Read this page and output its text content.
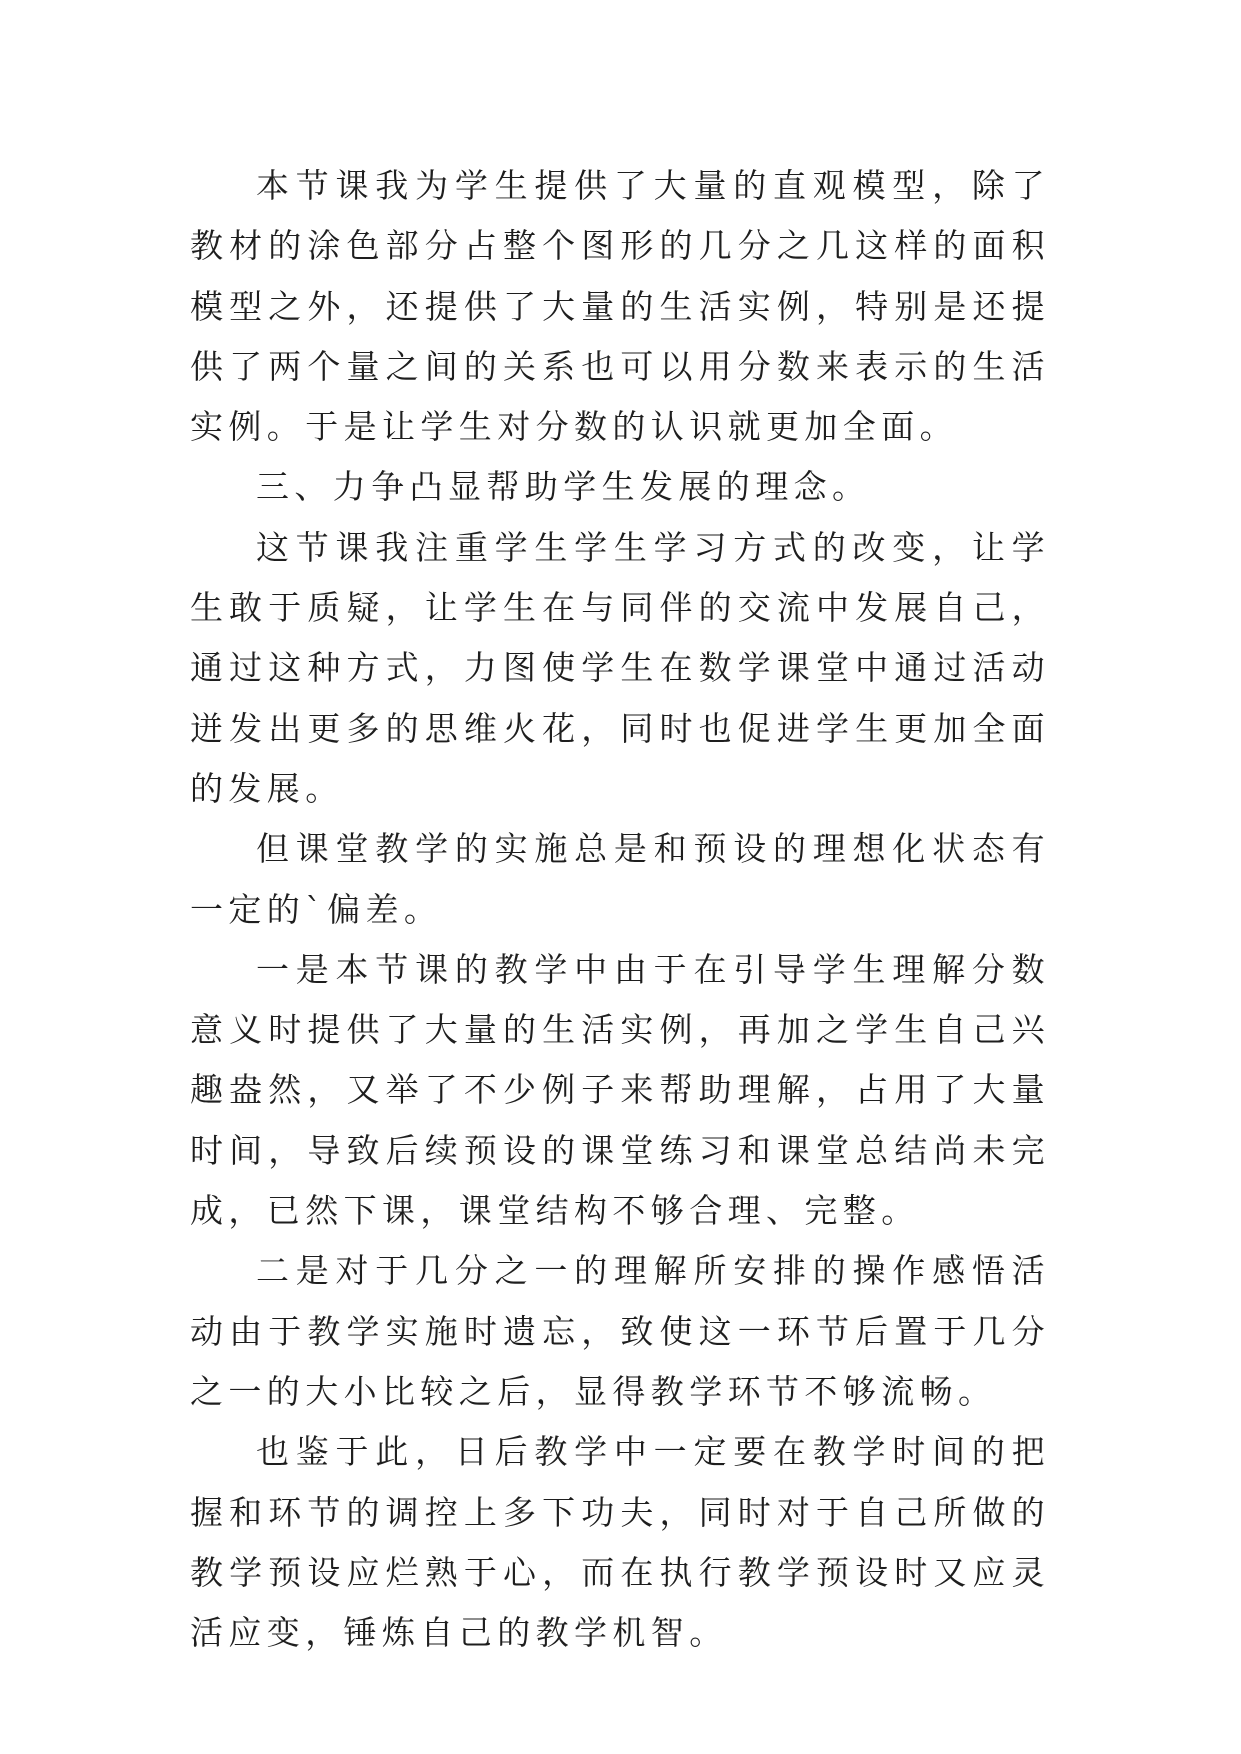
本节课我为学生提供了大量的直观模型，除了教材的涂色部分占整个图形的几分之几这样的面积模型之外，还提供了大量的生活实例，特别是还提供了两个量之间的关系也可以用分数来表示的生活实例。于是让学生对分数的认识就更加全面。

三、力争凸显帮助学生发展的理念。

这节课我注重学生学生学习方式的改变，让学生敢于质疑，让学生在与同伴的交流中发展自己，通过这种方式，力图使学生在数学课堂中通过活动迸发出更多的思维火花，同时也促进学生更加全面的发展。

但课堂教学的实施总是和预设的理想化状态有一定的`偏差。

一是本节课的教学中由于在引导学生理解分数意义时提供了大量的生活实例，再加之学生自己兴趣盎然，又举了不少例子来帮助理解，占用了大量时间，导致后续预设的课堂练习和课堂总结尚未完成，已然下课，课堂结构不够合理、完整。

二是对于几分之一的理解所安排的操作感悟活动由于教学实施时遗忘，致使这一环节后置于几分之一的大小比较之后，显得教学环节不够流畅。

也鉴于此，日后教学中一定要在教学时间的把握和环节的调控上多下功夫，同时对于自己所做的教学预设应烂熟于心，而在执行教学预设时又应灵活应变，锤炼自己的教学机智。
